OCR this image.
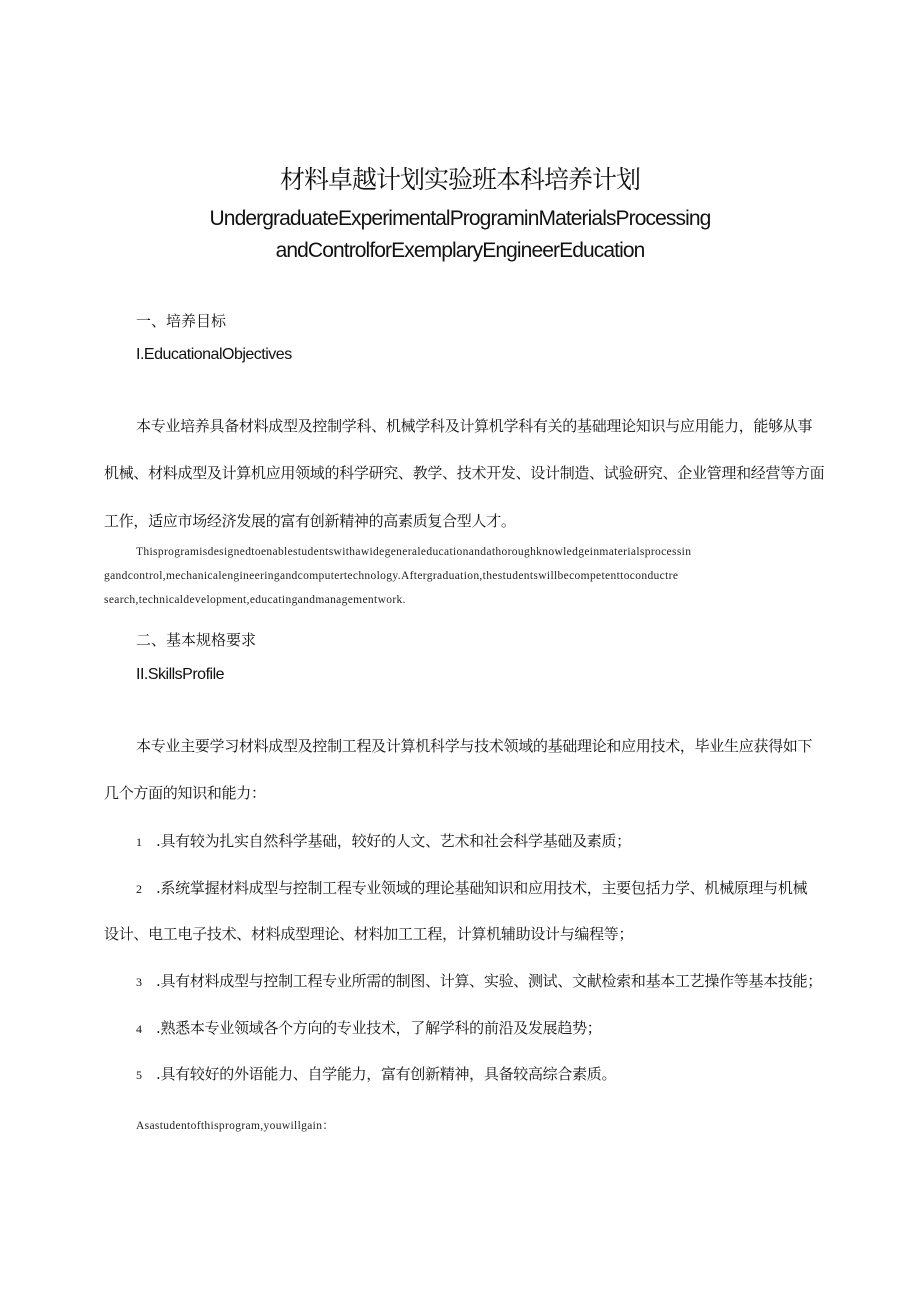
材料卓越计划实验班本科培养计划
UndergraduateExperimentalPrograminMaterialsProcessing
andControlforExemplaryEngineerEducation
一、培养目标
I.EducationalObjectives
本专业培养具备材料成型及控制学科、机械学科及计算机学科有关的基础理论知识与应用能力，能够从事
机械、材料成型及计算机应用领域的科学研究、教学、技术开发、设计制造、试验研究、企业管理和经营等方面
工作，适应市场经济发展的富有创新精神的高素质复合型人才。
Thisprogramisdesignedtoenablestudentswithawidegeneraleducationandathoroughknowledgeinmaterialsprocessin
gandcontrol,mechanicalengineeringandcomputertechnology.Aftergraduation,thestudentswillbecompetenttoconductre
search,technicaldevelopment,educatingandmanagementwork.
二、基本规格要求
II.SkillsProfile
本专业主要学习材料成型及控制工程及计算机科学与技术领域的基础理论和应用技术，毕业生应获得如下
几个方面的知识和能力：
1 .具有较为扎实自然科学基础，较好的人文、艺术和社会科学基础及素质；
2 .系统掌握材料成型与控制工程专业领域的理论基础知识和应用技术，主要包括力学、机械原理与机械
设计、电工电子技术、材料成型理论、材料加工工程，计算机辅助设计与编程等；
3 .具有材料成型与控制工程专业所需的制图、计算、实验、测试、文献检索和基本工艺操作等基本技能；
4 .熟悉本专业领域各个方向的专业技术，了解学科的前沿及发展趋势；
5 .具有较好的外语能力、自学能力，富有创新精神，具备较高综合素质。
Asastudentofthisprogram,youwillgain：
